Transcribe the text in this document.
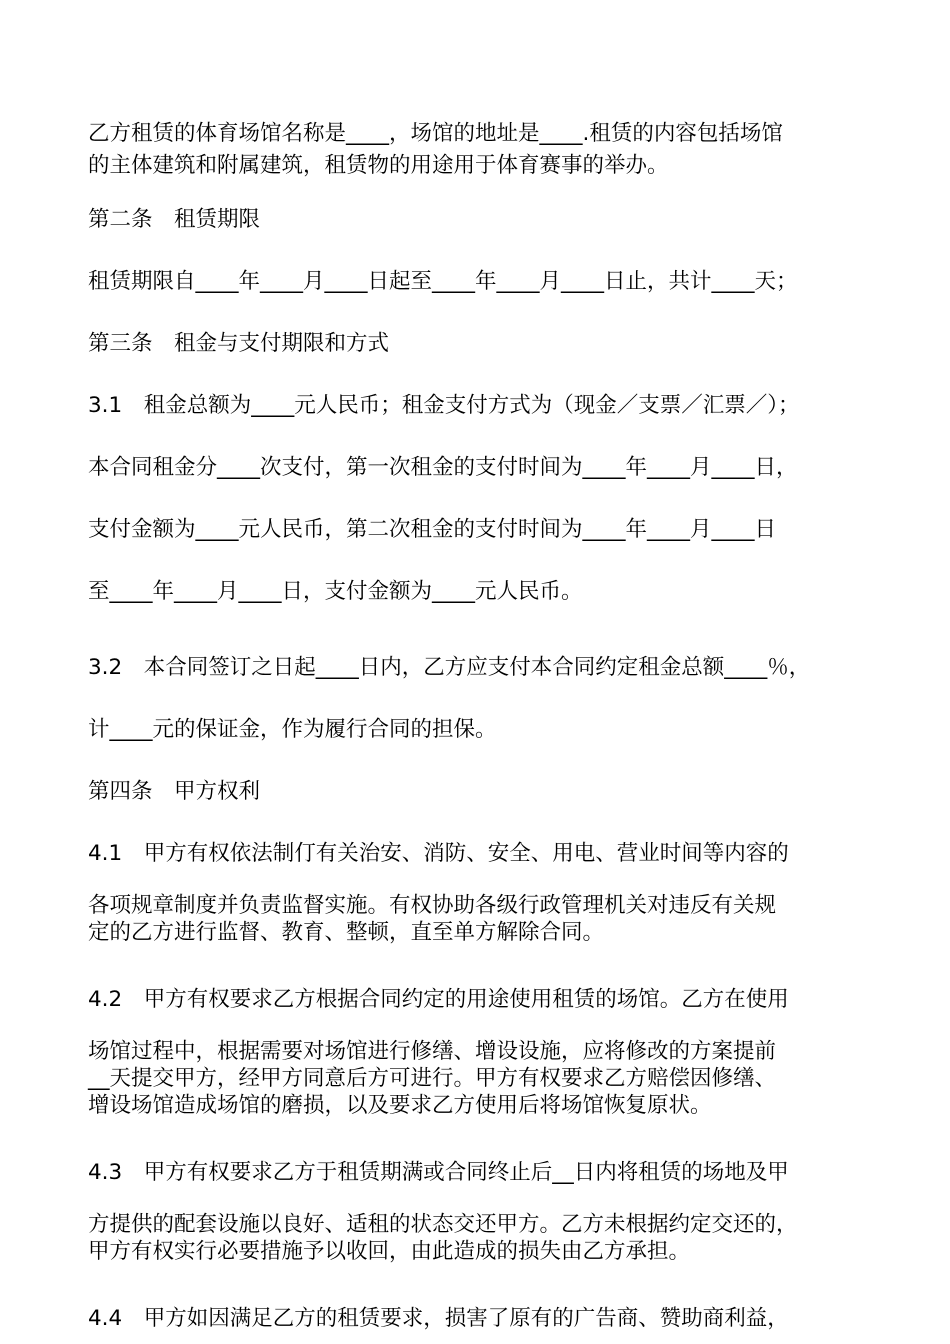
乙方租赁的体育场馆名称是____，场馆的地址是____.租赁的内容包括场馆
的主体建筑和附属建筑，租赁物的用途用于体育赛事的举办。
第二条　租赁期限
租赁期限自____年____月____日起至____年____月____日止，共计____天；
第三条　租金与支付期限和方式
3.1　租金总额为____元人民币；租金支付方式为（现金／支票／汇票／）；
本合同租金分____次支付，第一次租金的支付时间为____年____月____日，
支付金额为____元人民币，第二次租金的支付时间为____年____月____日
至____年____月____日，支付金额为____元人民币。
3.2　本合同签订之日起____日内，乙方应支付本合同约定租金总额____％，
计____元的保证金，作为履行合同的担保。
第四条　甲方权利
4.1　甲方有权依法制仃有关治安、消防、安全、用电、营业时间等内容的
各项规章制度并负责监督实施。有权协助各级行政管理机关对违反有关规
定的乙方进行监督、教育、整顿，直至单方解除合同。
4.2　甲方有权要求乙方根据合同约定的用途使用租赁的场馆。乙方在使用
场馆过程中，根据需要对场馆进行修缮、增设设施，应将修改的方案提前
__天提交甲方，经甲方同意后方可进行。甲方有权要求乙方赔偿因修缮、
增设场馆造成场馆的磨损，以及要求乙方使用后将场馆恢复原状。
4.3　甲方有权要求乙方于租赁期满或合同终止后__日内将租赁的场地及甲
方提供的配套设施以良好、适租的状态交还甲方。乙方未根据约定交还的，
甲方有权实行必要措施予以收回，由此造成的损失由乙方承担。
4.4　甲方如因满足乙方的租赁要求，损害了原有的广告商、赞助商利益，
